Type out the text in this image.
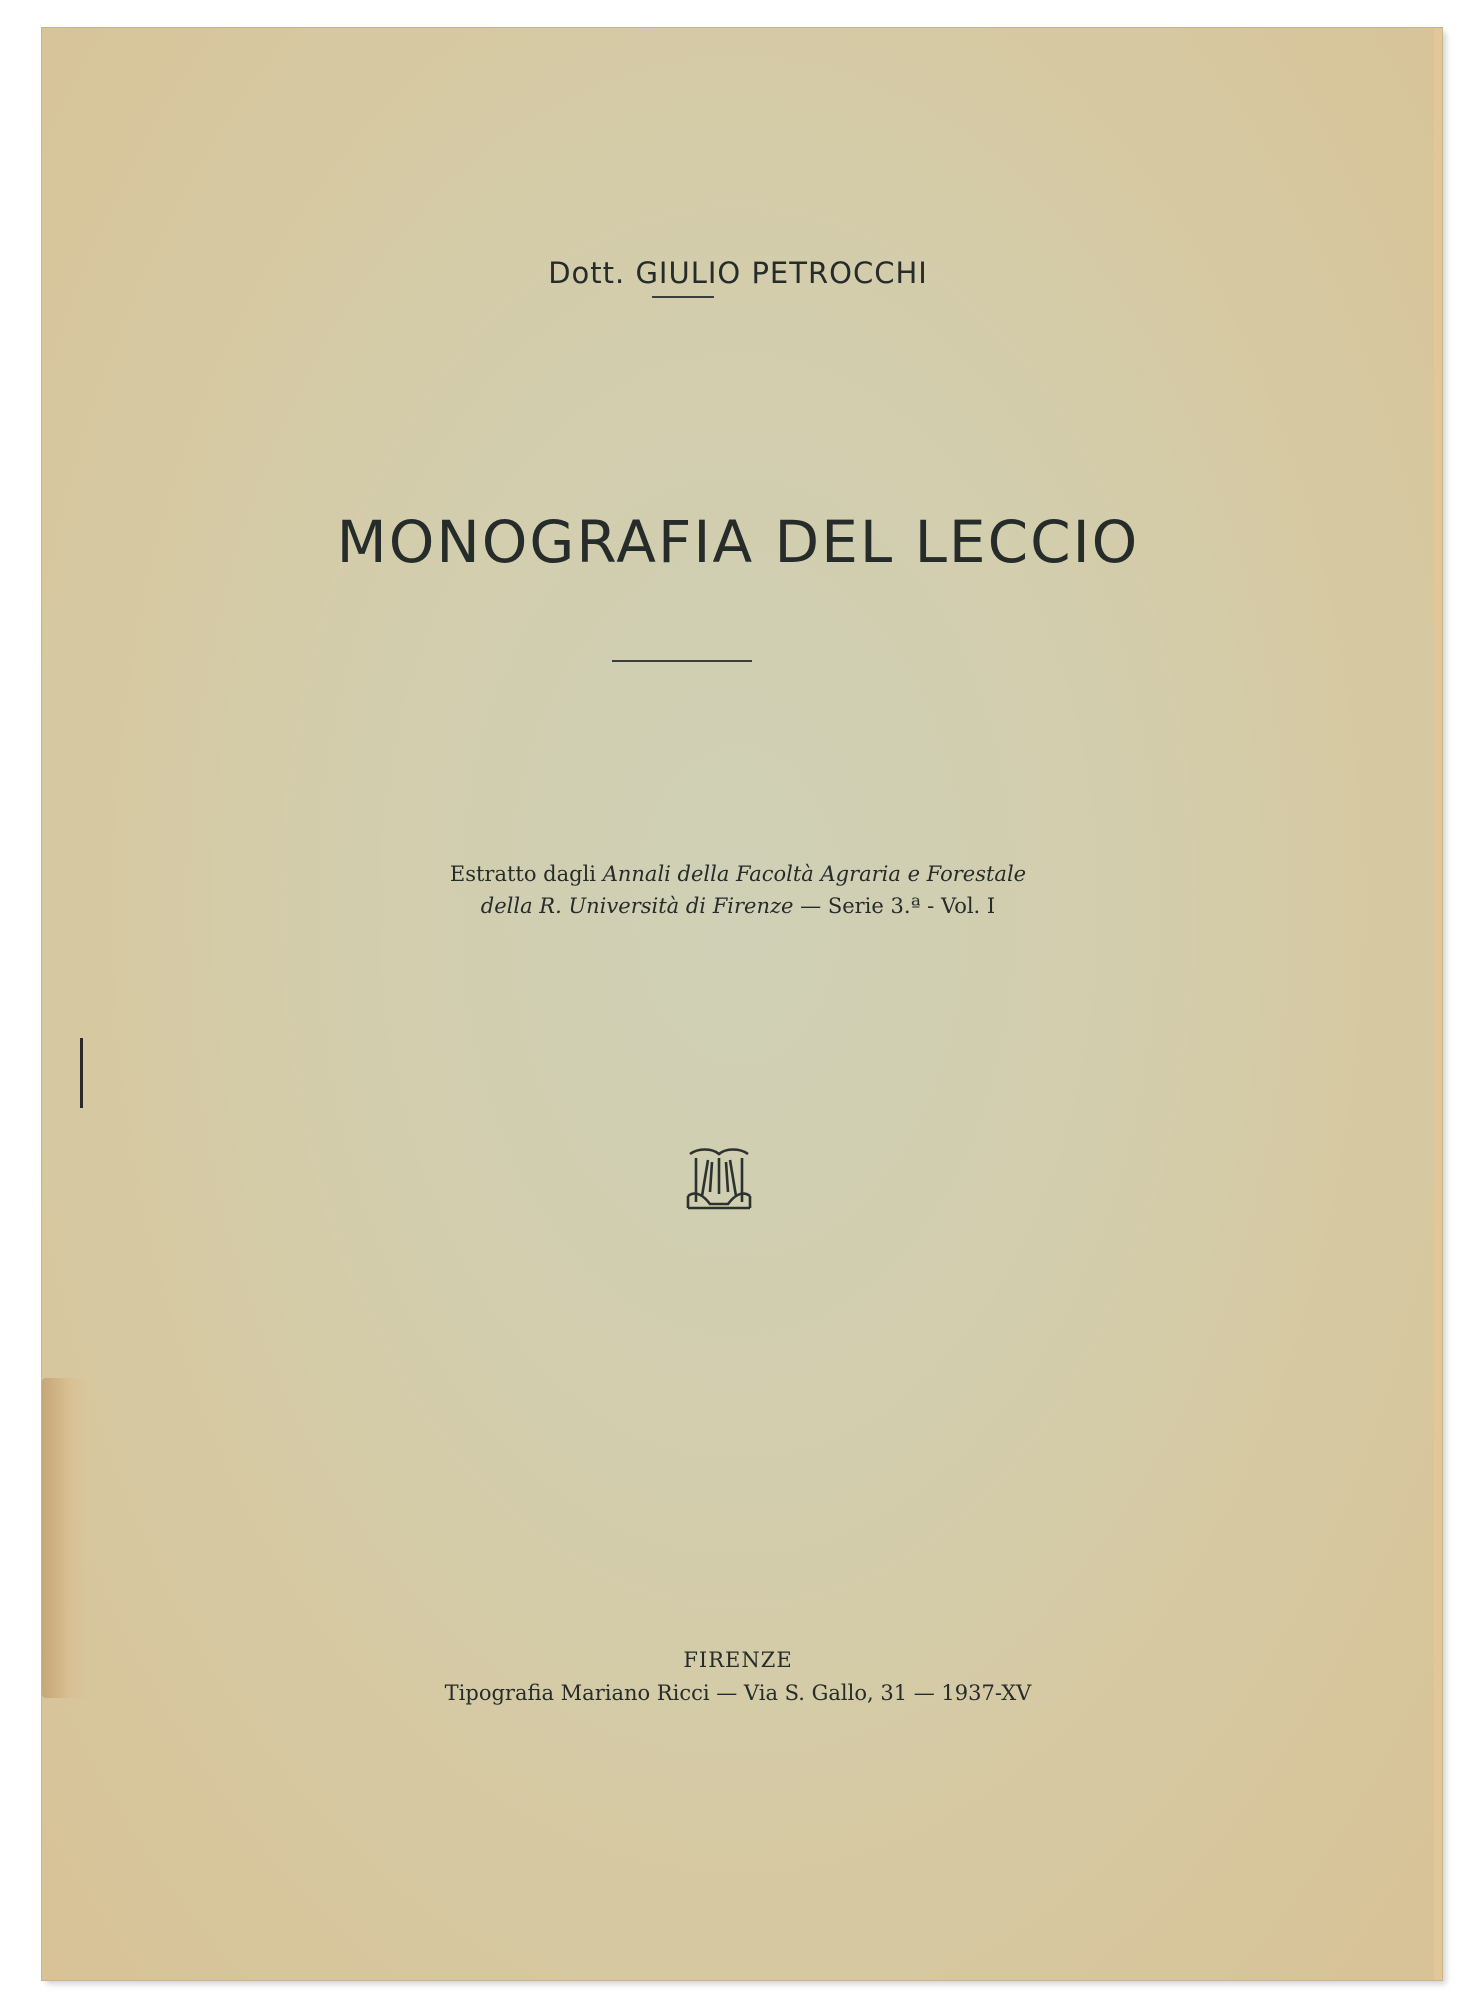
Dott. GIULIO PETROCCHI
MONOGRAFIA DEL LECCIO
Estratto dagli Annali della Facoltà Agraria e Forestale
della R. Università di Firenze — Serie 3.ª - Vol. I
FIRENZE
Tipografia Mariano Ricci — Via S. Gallo, 31 — 1937-XV
